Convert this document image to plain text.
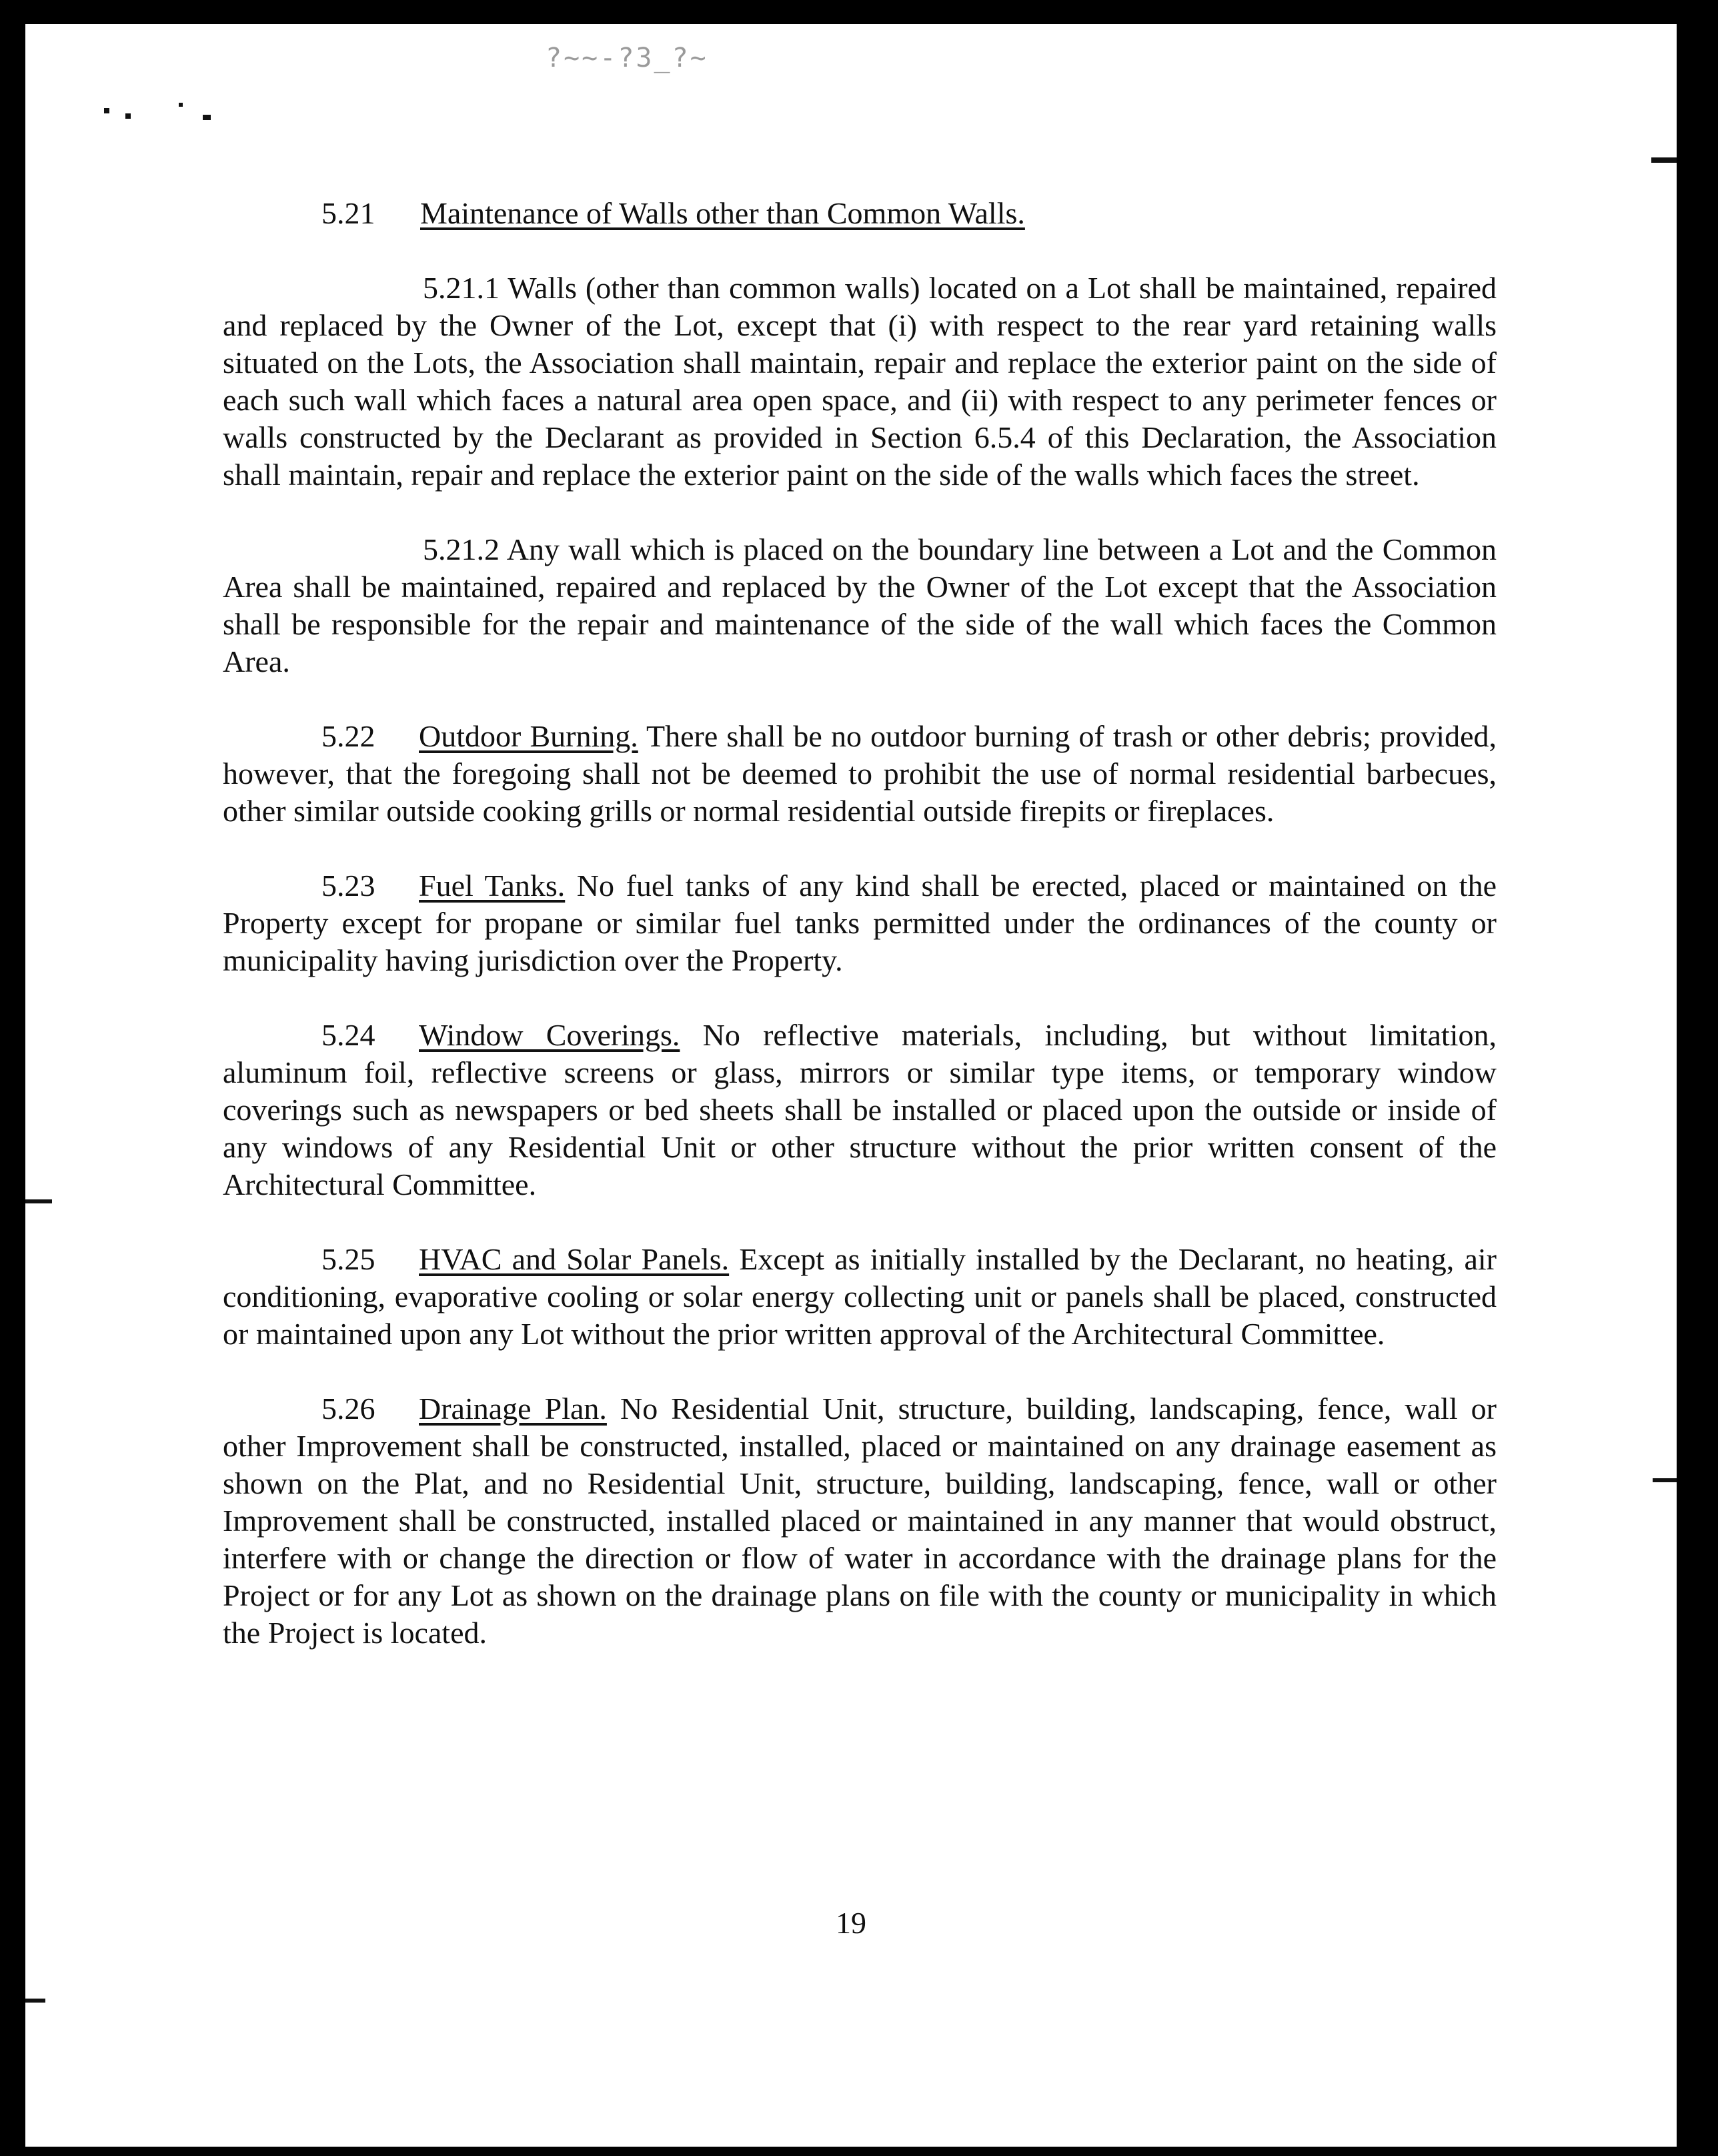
?~~-?3_?~
5.21 Maintenance of Walls other than Common Walls.

5.21.1 Walls (other than common walls) located on a Lot shall be maintained, repaired and replaced by the Owner of the Lot, except that (i) with respect to the rear yard retaining walls situated on the Lots, the Association shall maintain, repair and replace the exterior paint on the side of each such wall which faces a natural area open space, and (ii) with respect to any perimeter fences or walls constructed by the Declarant as provided in Section 6.5.4 of this Declaration, the Association shall maintain, repair and replace the exterior paint on the side of the walls which faces the street.

5.21.2 Any wall which is placed on the boundary line between a Lot and the Common Area shall be maintained, repaired and replaced by the Owner of the Lot except that the Association shall be responsible for the repair and maintenance of the side of the wall which faces the Common Area.

5.22 Outdoor Burning. There shall be no outdoor burning of trash or other debris; provided, however, that the foregoing shall not be deemed to prohibit the use of normal residential barbecues, other similar outside cooking grills or normal residential outside firepits or fireplaces.

5.23 Fuel Tanks. No fuel tanks of any kind shall be erected, placed or maintained on the Property except for propane or similar fuel tanks permitted under the ordinances of the county or municipality having jurisdiction over the Property.

5.24 Window Coverings. No reflective materials, including, but without limitation, aluminum foil, reflective screens or glass, mirrors or similar type items, or temporary window coverings such as newspapers or bed sheets shall be installed or placed upon the outside or inside of any windows of any Residential Unit or other structure without the prior written consent of the Architectural Committee.

5.25 HVAC and Solar Panels. Except as initially installed by the Declarant, no heating, air conditioning, evaporative cooling or solar energy collecting unit or panels shall be placed, constructed or maintained upon any Lot without the prior written approval of the Architectural Committee.

5.26 Drainage Plan. No Residential Unit, structure, building, landscaping, fence, wall or other Improvement shall be constructed, installed, placed or maintained on any drainage easement as shown on the Plat, and no Residential Unit, structure, building, landscaping, fence, wall or other Improvement shall be constructed, installed placed or maintained in any manner that would obstruct, interfere with or change the direction or flow of water in accordance with the drainage plans for the Project or for any Lot as shown on the drainage plans on file with the county or municipality in which the Project is located.

19
